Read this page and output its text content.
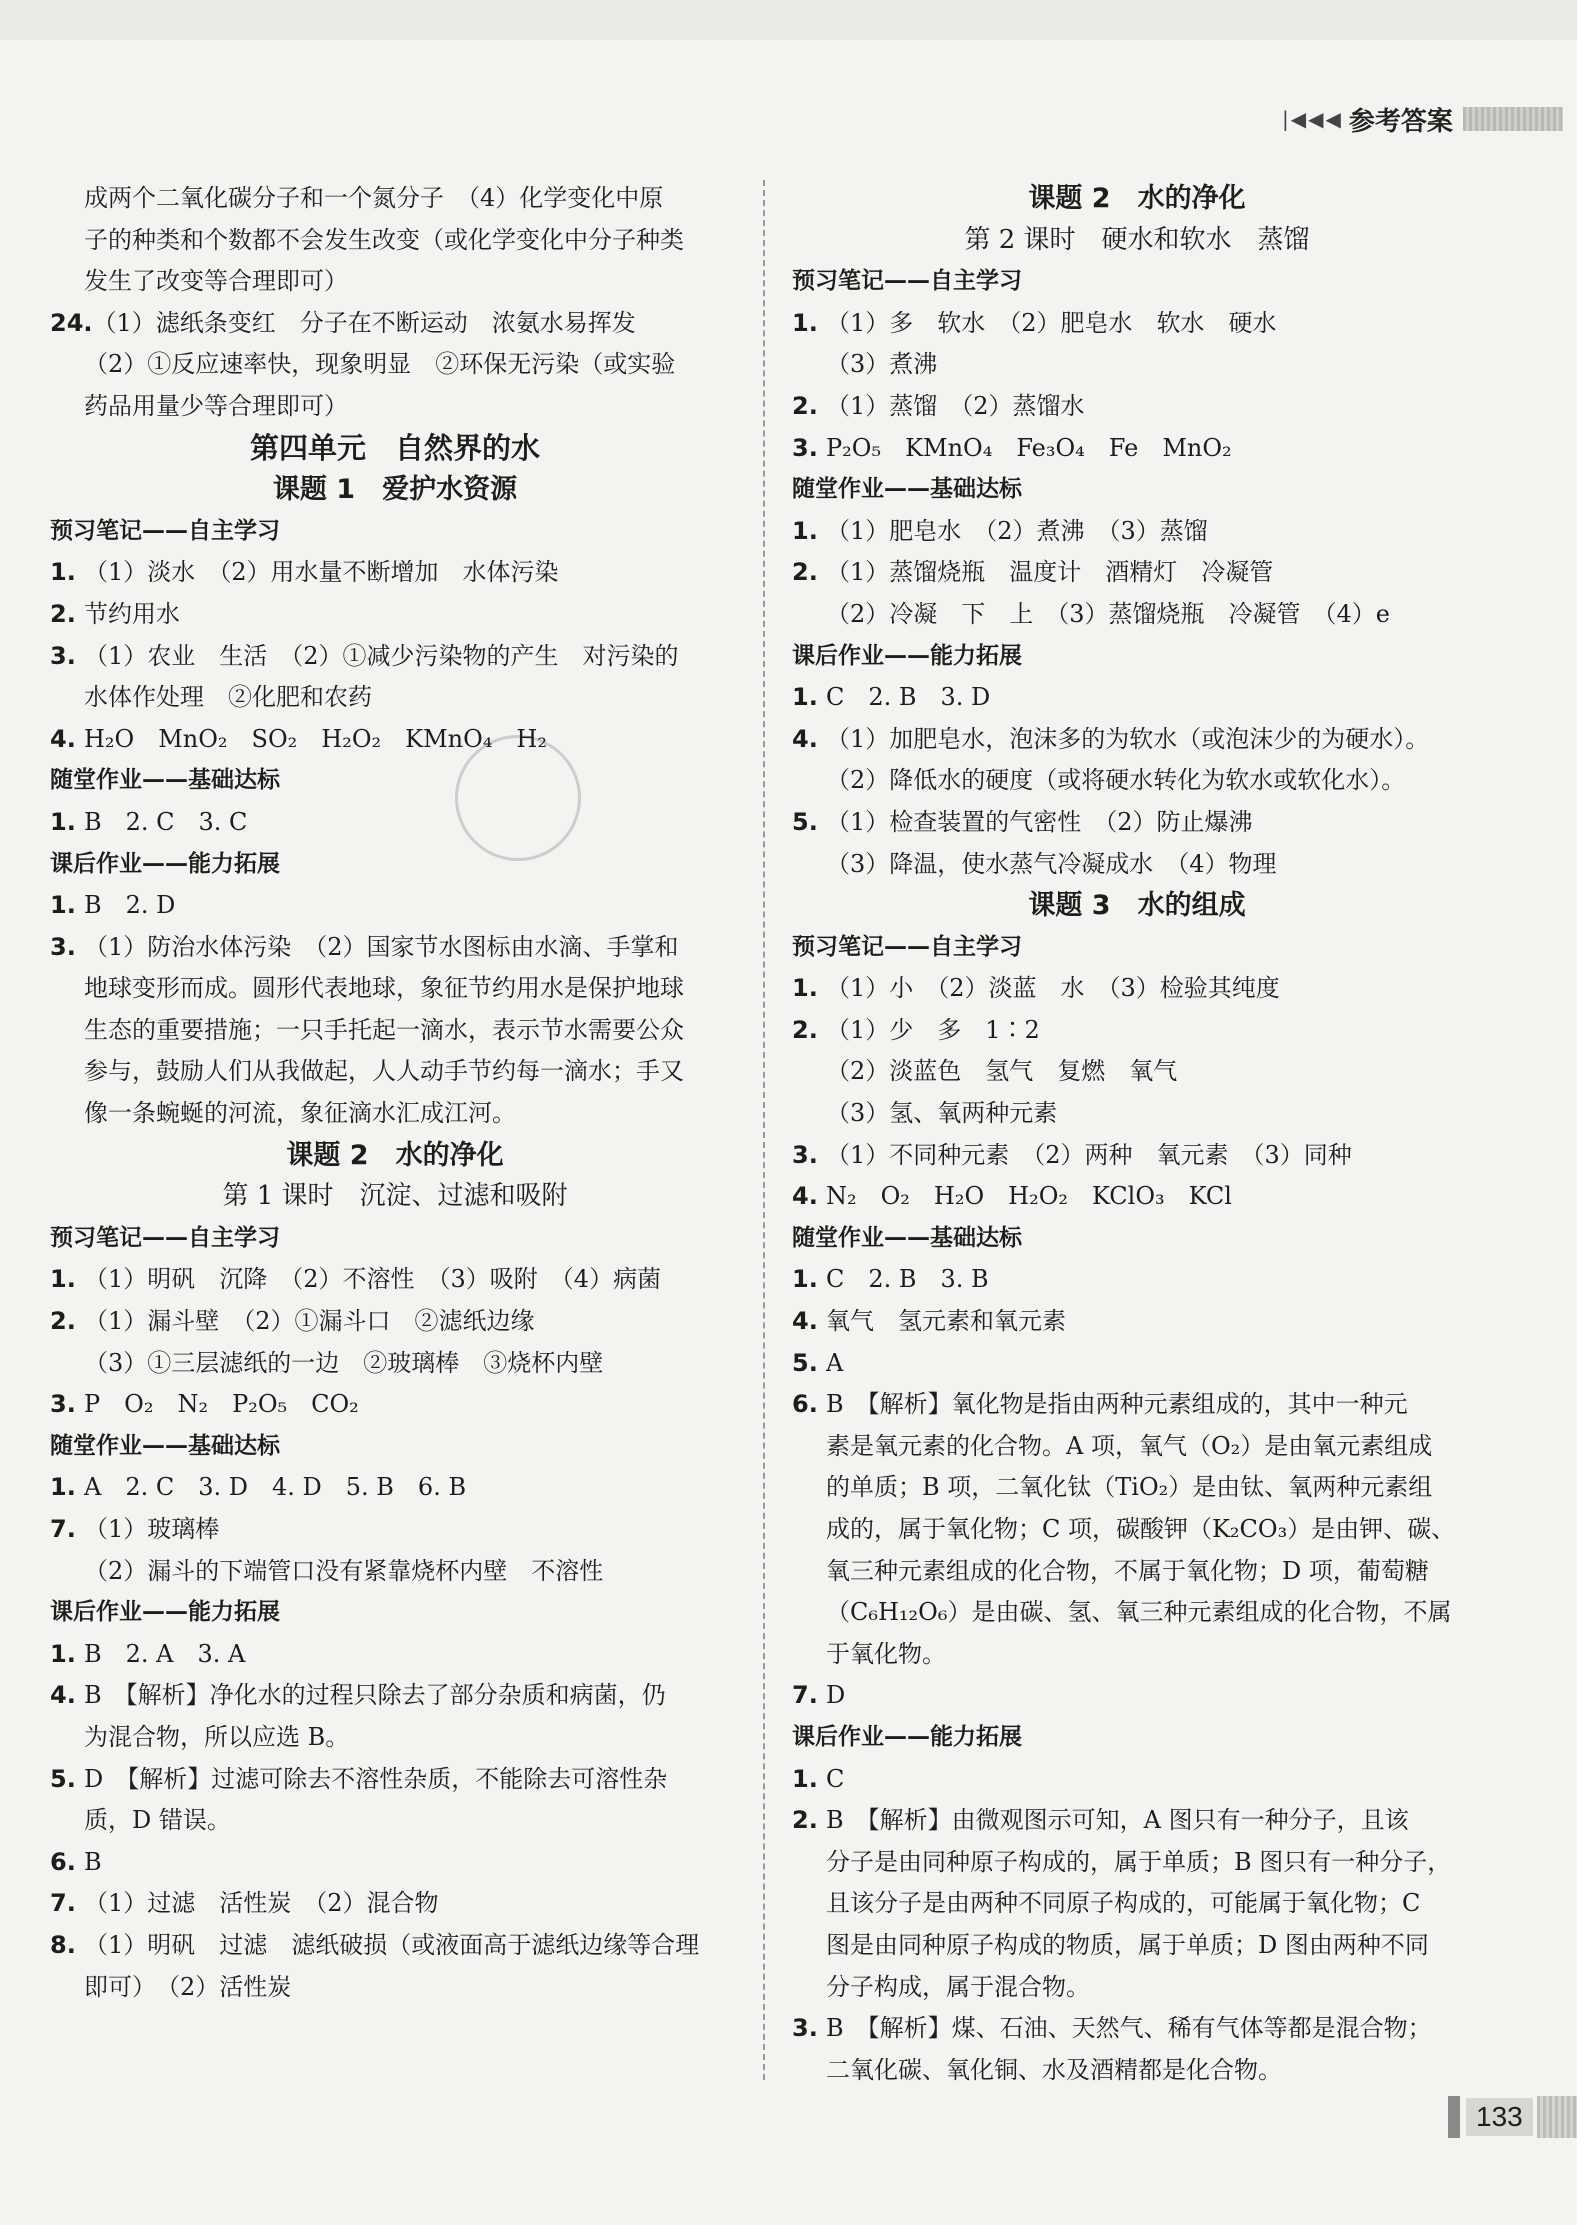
|◀◀◀ 参考答案
成两个二氧化碳分子和一个氮分子　（4）化学变化中原
子的种类和个数都不会发生改变（或化学变化中分子种类
发生了改变等合理即可）
24.（1）滤纸条变红　分子在不断运动　浓氨水易挥发
（2）①反应速率快，现象明显　②环保无污染（或实验
药品用量少等合理即可）
第四单元　自然界的水
课题 1　爱护水资源
预习笔记——自主学习
1. （1）淡水　（2）用水量不断增加　水体污染
2. 节约用水
3. （1）农业　生活　（2）①减少污染物的产生　对污染的
水体作处理　②化肥和农药
4. H₂O　MnO₂　SO₂　H₂O₂　KMnO₄　H₂
随堂作业——基础达标
1. B　2. C　3. C
课后作业——能力拓展
1. B　2. D
3. （1）防治水体污染　（2）国家节水图标由水滴、手掌和
地球变形而成。圆形代表地球，象征节约用水是保护地球
生态的重要措施；一只手托起一滴水，表示节水需要公众
参与，鼓励人们从我做起，人人动手节约每一滴水；手又
像一条蜿蜒的河流，象征滴水汇成江河。
课题 2　水的净化
第 1 课时　沉淀、过滤和吸附
预习笔记——自主学习
1. （1）明矾　沉降　（2）不溶性　（3）吸附　（4）病菌
2. （1）漏斗壁　（2）①漏斗口　②滤纸边缘
（3）①三层滤纸的一边　②玻璃棒　③烧杯内壁
3. P　O₂　N₂　P₂O₅　CO₂
随堂作业——基础达标
1. A　2. C　3. D　4. D　5. B　6. B
7. （1）玻璃棒
（2）漏斗的下端管口没有紧靠烧杯内壁　不溶性
课后作业——能力拓展
1. B　2. A　3. A
4. B　【解析】净化水的过程只除去了部分杂质和病菌，仍
为混合物，所以应选 B。
5. D　【解析】过滤可除去不溶性杂质，不能除去可溶性杂
质，D 错误。
6. B
7. （1）过滤　活性炭　（2）混合物
8. （1）明矾　过滤　滤纸破损（或液面高于滤纸边缘等合理
即可）　（2）活性炭
课题 2　水的净化
第 2 课时　硬水和软水　蒸馏
预习笔记——自主学习
1. （1）多　软水　（2）肥皂水　软水　硬水
（3）煮沸
2. （1）蒸馏　（2）蒸馏水
3. P₂O₅　KMnO₄　Fe₃O₄　Fe　MnO₂
随堂作业——基础达标
1. （1）肥皂水　（2）煮沸　（3）蒸馏
2. （1）蒸馏烧瓶　温度计　酒精灯　冷凝管
（2）冷凝　下　上　（3）蒸馏烧瓶　冷凝管　（4）e
课后作业——能力拓展
1. C　2. B　3. D
4. （1）加肥皂水，泡沫多的为软水（或泡沫少的为硬水）。
（2）降低水的硬度（或将硬水转化为软水或软化水）。
5. （1）检查装置的气密性　（2）防止爆沸
（3）降温，使水蒸气冷凝成水　（4）物理
课题 3　水的组成
预习笔记——自主学习
1. （1）小　（2）淡蓝　水　（3）检验其纯度
2. （1）少　多　1∶2
（2）淡蓝色　氢气　复燃　氧气
（3）氢、氧两种元素
3. （1）不同种元素　（2）两种　氧元素　（3）同种
4. N₂　O₂　H₂O　H₂O₂　KClO₃　KCl
随堂作业——基础达标
1. C　2. B　3. B
4. 氧气　氢元素和氧元素
5. A
6. B　【解析】氧化物是指由两种元素组成的，其中一种元
素是氧元素的化合物。A 项，氧气（O₂）是由氧元素组成
的单质；B 项，二氧化钛（TiO₂）是由钛、氧两种元素组
成的，属于氧化物；C 项，碳酸钾（K₂CO₃）是由钾、碳、
氧三种元素组成的化合物，不属于氧化物；D 项，葡萄糖
（C₆H₁₂O₆）是由碳、氢、氧三种元素组成的化合物，不属
于氧化物。
7. D
课后作业——能力拓展
1. C
2. B　【解析】由微观图示可知，A 图只有一种分子，且该
分子是由同种原子构成的，属于单质；B 图只有一种分子，
且该分子是由两种不同原子构成的，可能属于氧化物；C
图是由同种原子构成的物质，属于单质；D 图由两种不同
分子构成，属于混合物。
3. B　【解析】煤、石油、天然气、稀有气体等都是混合物；
二氧化碳、氧化铜、水及酒精都是化合物。
133
